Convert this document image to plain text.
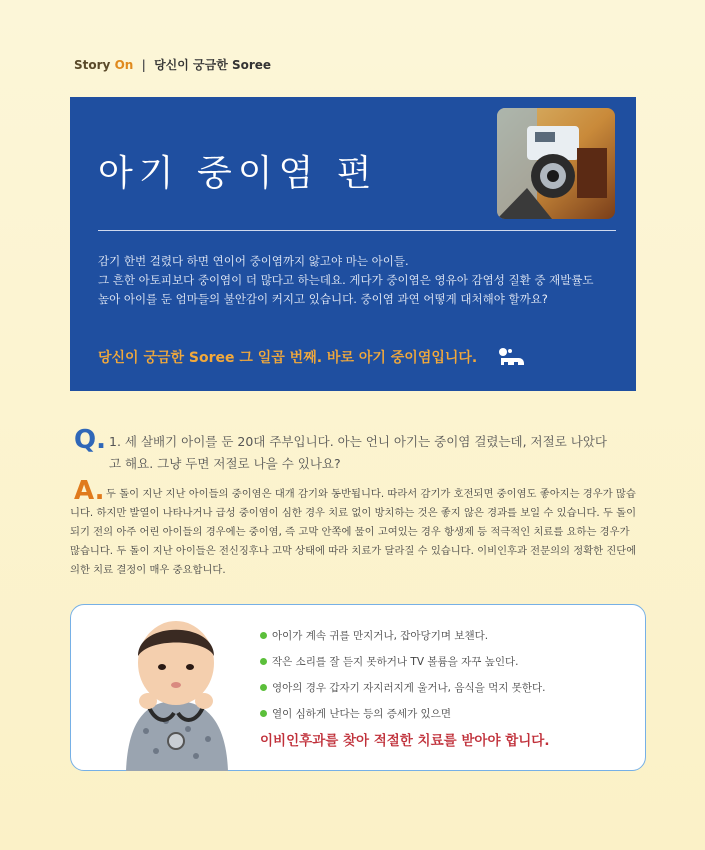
Story On | 당신이 궁금한 Soree
아기 중이염 편
감기 한번 걸렸다 하면 연이어 중이염까지 앓고야 마는 아이들.
그 흔한 아토피보다 중이염이 더 많다고 하는데요. 게다가 중이염은 영유아 감염성 질환 중 재발률도
높아 아이를 둔 엄마들의 불안감이 커지고 있습니다. 중이염 과연 어떻게 대처해야 할까요?
당신이 궁금한 Soree 그 일곱 번째. 바로 아기 중이염입니다.
Q. 1. 세 살배기 아이를 둔 20대 주부입니다. 아는 언니 아기는 중이염 걸렸는데, 저절로 나았다고 해요. 그냥 두면 저절로 나을 수 있나요?
A. 두 돌이 지난 지난 아이들의 중이염은 대개 감기와 동반됩니다. 따라서 감기가 호전되면 중이염도 좋아지는 경우가 많습니다. 하지만 발열이 나타나거나 급성 중이염이 심한 경우 치료 없이 방치하는 것은 좋지 않은 경과를 보일 수 있습니다. 두 돌이 되기 전의 아주 어린 아이들의 경우에는 중이염, 즉 고막 안쪽에 물이 고여있는 경우 항생제 등 적극적인 치료를 요하는 경우가 많습니다. 두 돌이 지난 아이들은 전신징후나 고막 상태에 따라 치료가 달라질 수 있습니다. 이비인후과 전문의의 정확한 진단에 의한 치료 결정이 매우 중요합니다.
아이가 계속 귀를 만지거나, 잡아당기며 보챈다.
작은 소리를 잘 듣지 못하거나 TV 볼륨을 자꾸 높인다.
영아의 경우 갑자기 자지러지게 울거나, 음식을 먹지 못한다.
열이 심하게 난다는 등의 증세가 있으면
이비인후과를 찾아 적절한 치료를 받아야 합니다.
